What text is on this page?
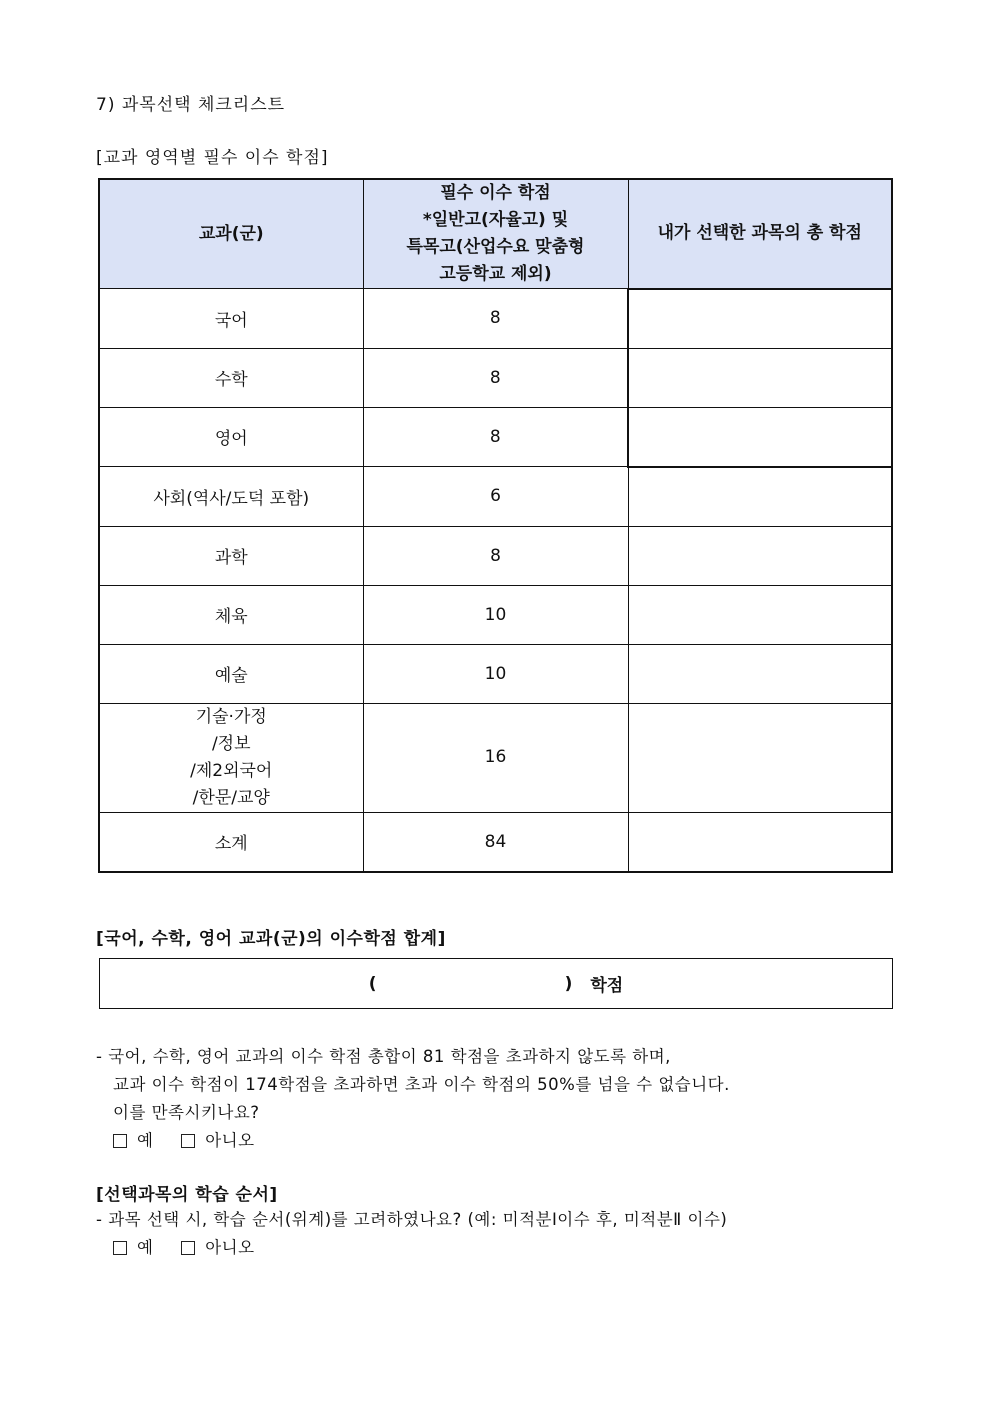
7) 과목선택 체크리스트
[교과 영역별 필수 이수 학점]
교과(군)	필수 이수 학점
*일반고(자율고) 및
특목고(산업수요 맞춤형
고등학교 제외)	내가 선택한 과목의 총 학점
국어	8	
수학	8	
영어	8	
사회(역사/도덕 포함)	6	
과학	8	
체육	10	
예술	10	

기술·가정
/정보
/제2외국어
/한문/교양	16	
소계	84	
[국어, 수학, 영어 교과(군)의 이수학점 합계]
(	) 학점
- 국어, 수학, 영어 교과의 이수 학점 총합이 81 학점을 초과하지 않도록 하며,
교과 이수 학점이 174학점을 초과하면 초과 이수 학점의 50%를 넘을 수 없습니다.
이를 만족시키나요?
예
	아니오
[선택과목의 학습 순서]
- 과목 선택 시, 학습 순서(위계)를 고려하였나요? (예: 미적분Ⅰ이수 후, 미적분Ⅱ 이수)
예
	아니오
